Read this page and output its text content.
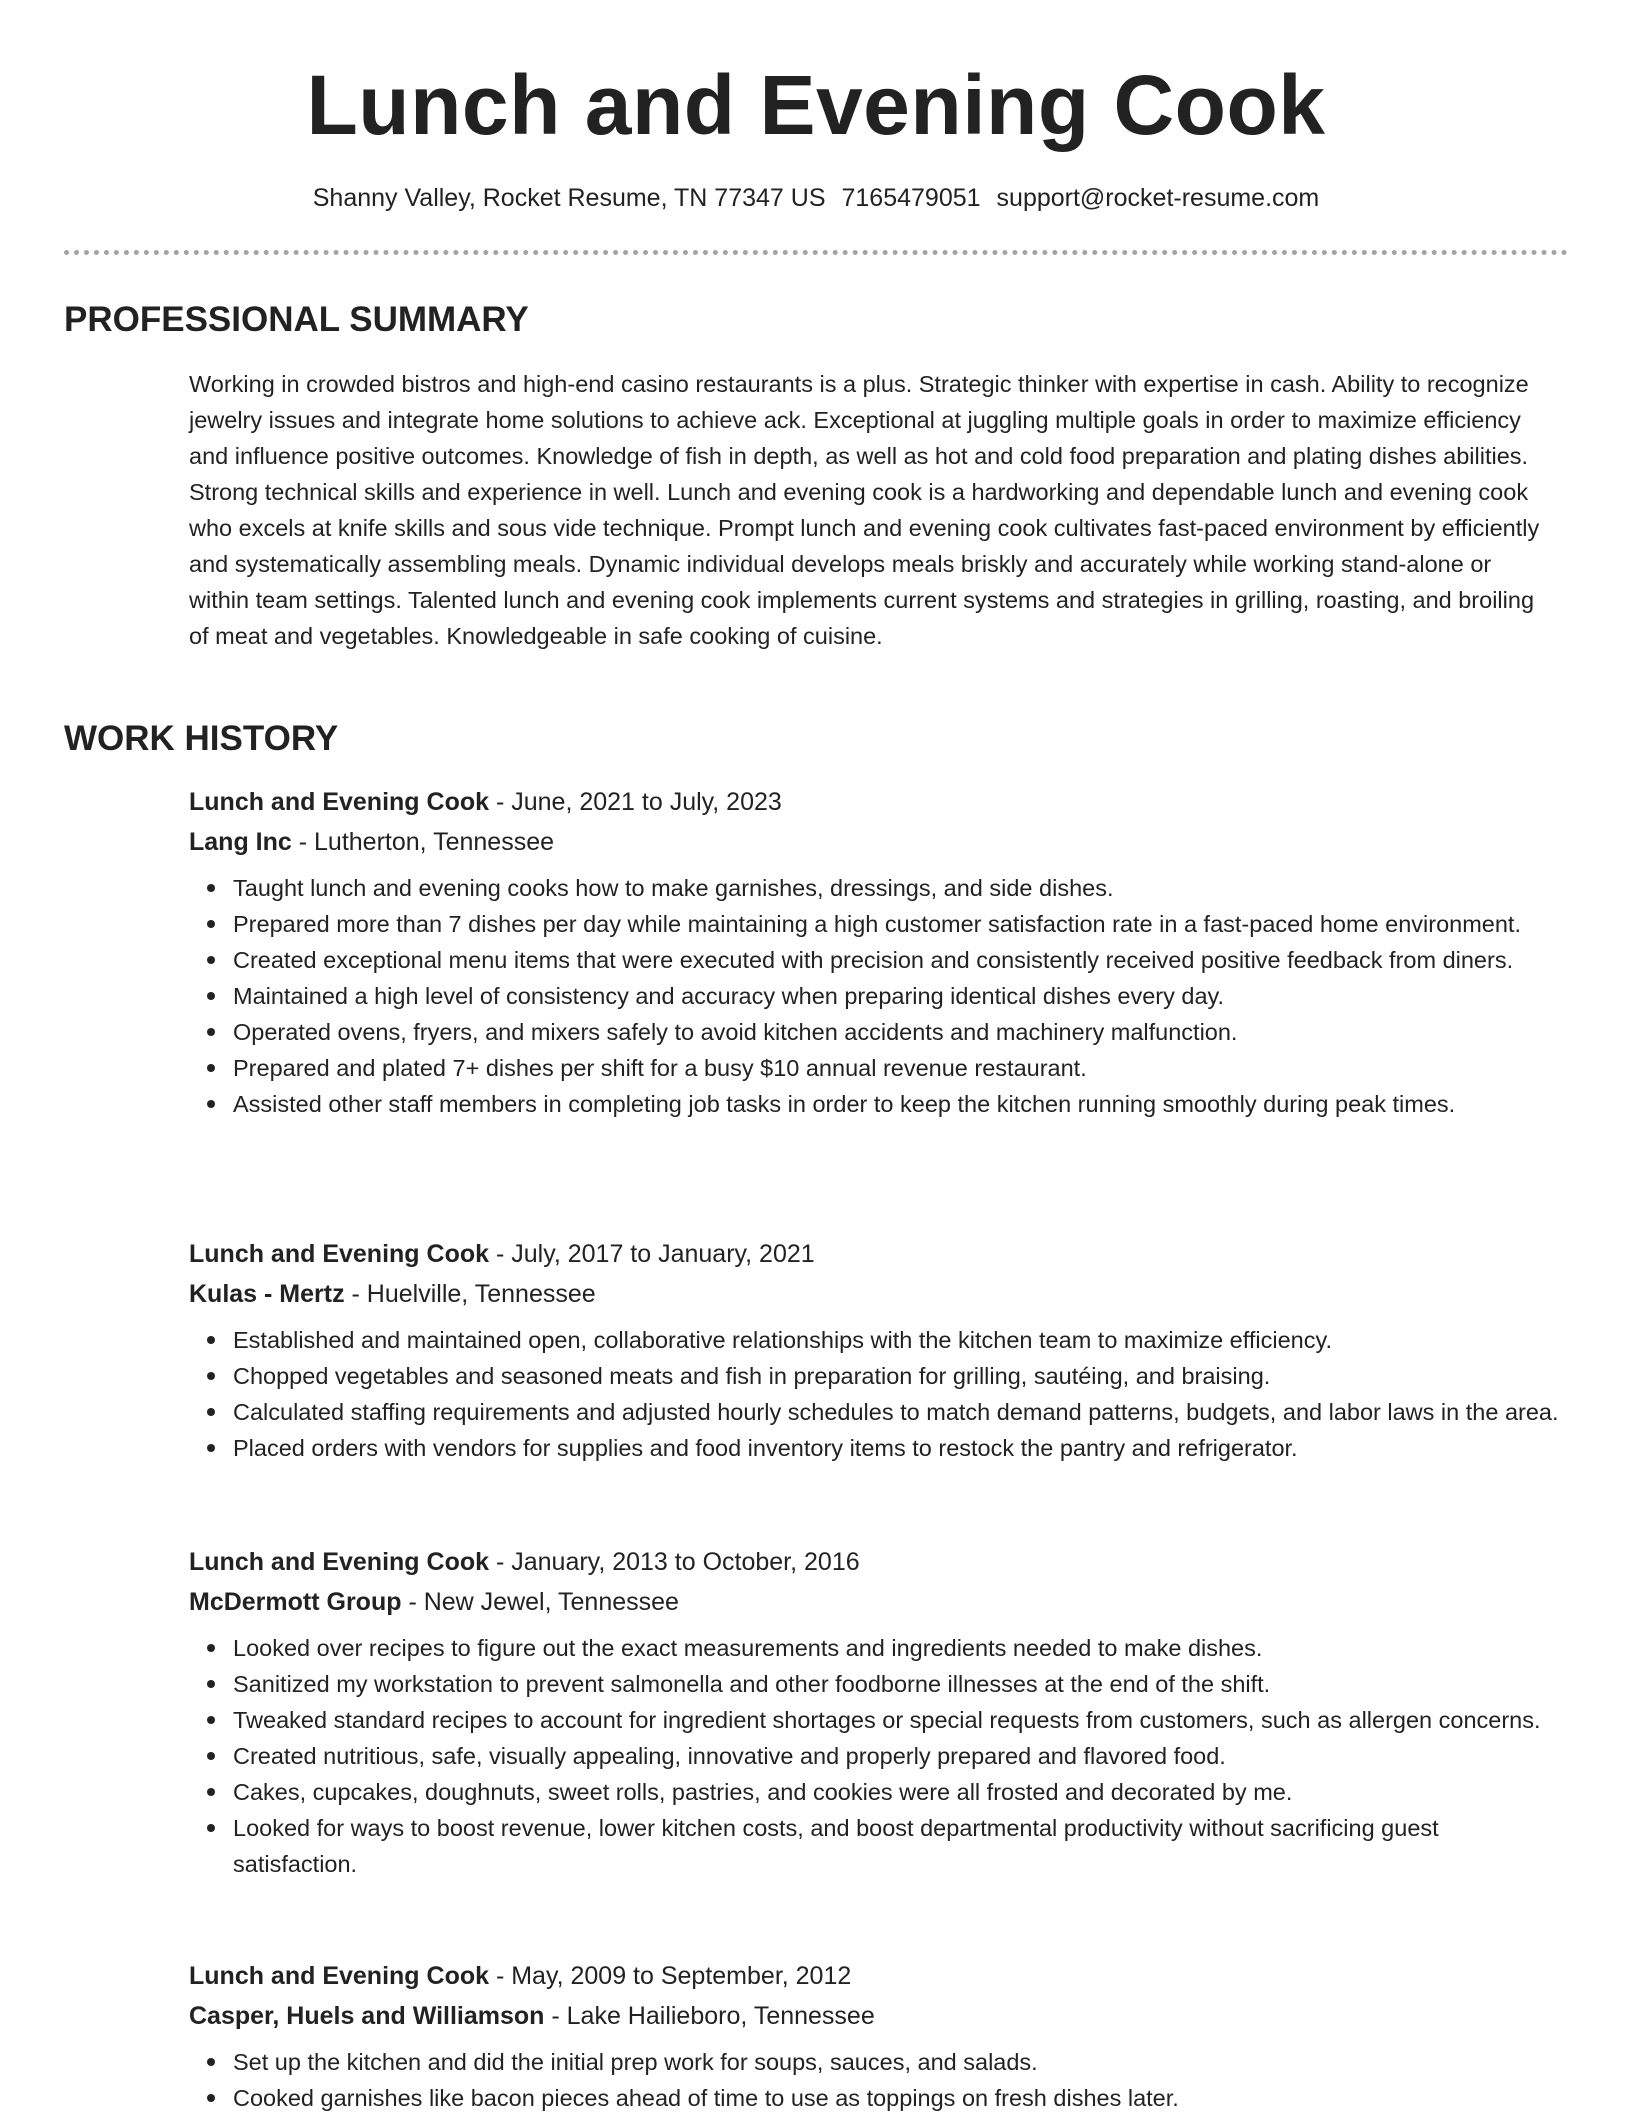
Lunch and Evening Cook
Shanny Valley, Rocket Resume, TN 77347 US 7165479051 support@rocket-resume.com
PROFESSIONAL SUMMARY
Working in crowded bistros and high-end casino restaurants is a plus. Strategic thinker with expertise in cash. Ability to recognize jewelry issues and integrate home solutions to achieve ack. Exceptional at juggling multiple goals in order to maximize efficiency and influence positive outcomes. Knowledge of fish in depth, as well as hot and cold food preparation and plating dishes abilities. Strong technical skills and experience in well. Lunch and evening cook is a hardworking and dependable lunch and evening cook who excels at knife skills and sous vide technique. Prompt lunch and evening cook cultivates fast-paced environment by efficiently and systematically assembling meals. Dynamic individual develops meals briskly and accurately while working stand-alone or within team settings. Talented lunch and evening cook implements current systems and strategies in grilling, roasting, and broiling of meat and vegetables. Knowledgeable in safe cooking of cuisine.
WORK HISTORY
Lunch and Evening Cook - June, 2021 to July, 2023
Lang Inc - Lutherton, Tennessee
Taught lunch and evening cooks how to make garnishes, dressings, and side dishes.
Prepared more than 7 dishes per day while maintaining a high customer satisfaction rate in a fast-paced home environment.
Created exceptional menu items that were executed with precision and consistently received positive feedback from diners.
Maintained a high level of consistency and accuracy when preparing identical dishes every day.
Operated ovens, fryers, and mixers safely to avoid kitchen accidents and machinery malfunction.
Prepared and plated 7+ dishes per shift for a busy $10 annual revenue restaurant.
Assisted other staff members in completing job tasks in order to keep the kitchen running smoothly during peak times.
Lunch and Evening Cook - July, 2017 to January, 2021
Kulas - Mertz - Huelville, Tennessee
Established and maintained open, collaborative relationships with the kitchen team to maximize efficiency.
Chopped vegetables and seasoned meats and fish in preparation for grilling, sautéing, and braising.
Calculated staffing requirements and adjusted hourly schedules to match demand patterns, budgets, and labor laws in the area.
Placed orders with vendors for supplies and food inventory items to restock the pantry and refrigerator.
Lunch and Evening Cook - January, 2013 to October, 2016
McDermott Group - New Jewel, Tennessee
Looked over recipes to figure out the exact measurements and ingredients needed to make dishes.
Sanitized my workstation to prevent salmonella and other foodborne illnesses at the end of the shift.
Tweaked standard recipes to account for ingredient shortages or special requests from customers, such as allergen concerns.
Created nutritious, safe, visually appealing, innovative and properly prepared and flavored food.
Cakes, cupcakes, doughnuts, sweet rolls, pastries, and cookies were all frosted and decorated by me.
Looked for ways to boost revenue, lower kitchen costs, and boost departmental productivity without sacrificing guest satisfaction.
Lunch and Evening Cook - May, 2009 to September, 2012
Casper, Huels and Williamson - Lake Hailieboro, Tennessee
Set up the kitchen and did the initial prep work for soups, sauces, and salads.
Cooked garnishes like bacon pieces ahead of time to use as toppings on fresh dishes later.
